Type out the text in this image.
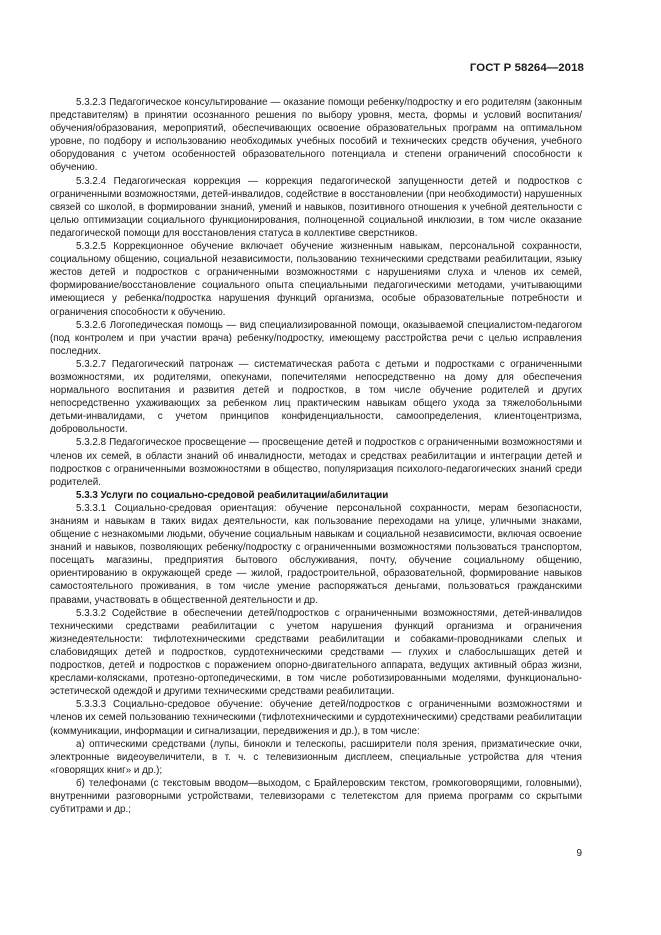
ГОСТ Р 58264—2018

5.3.2.3 Педагогическое консультирование — оказание помощи ребенку/подростку и его родителям (законным представителям) в принятии осознанного решения по выбору уровня, места, формы и условий воспитания/обучения/образования, мероприятий, обеспечивающих освоение образовательных программ на оптимальном уровне, по подбору и использованию необходимых учебных пособий и технических средств обучения, учебного оборудования с учетом особенностей образовательного потенциала и степени ограничений способности к обучению.

5.3.2.4 Педагогическая коррекция — коррекция педагогической запущенности детей и подростков с ограниченными возможностями, детей-инвалидов, содействие в восстановлении (при необходимости) нарушенных связей со школой, в формировании знаний, умений и навыков, позитивного отношения к учебной деятельности с целью оптимизации социального функционирования, полноценной социальной инклюзии, в том числе оказание педагогической помощи для восстановления статуса в коллективе сверстников.

5.3.2.5 Коррекционное обучение включает обучение жизненным навыкам, персональной сохранности, социальному общению, социальной независимости, пользованию техническими средствами реабилитации, языку жестов детей и подростков с ограниченными возможностями с нарушениями слуха и членов их семей, формирование/восстановление социального опыта специальными педагогическими методами, учитывающими имеющиеся у ребенка/подростка нарушения функций организма, особые образовательные потребности и ограничения способности к обучению.

5.3.2.6 Логопедическая помощь — вид специализированной помощи, оказываемой специалистом-педагогом (под контролем и при участии врача) ребенку/подростку, имеющему расстройства речи с целью исправления последних.

5.3.2.7 Педагогический патронаж — систематическая работа с детьми и подростками с ограниченными возможностями, их родителями, опекунами, попечителями непосредственно на дому для обеспечения нормального воспитания и развития детей и подростков, в том числе обучение родителей и других непосредственно ухаживающих за ребенком лиц практическим навыкам общего ухода за тяжелобольными детьми-инвалидами, с учетом принципов конфиденциальности, самоопределения, клиентоцентризма, добровольности.

5.3.2.8 Педагогическое просвещение — просвещение детей и подростков с ограниченными возможностями и членов их семей, в области знаний об инвалидности, методах и средствах реабилитации и интеграции детей и подростков с ограниченными возможностями в общество, популяризация психолого-педагогических знаний среди родителей.

5.3.3 Услуги по социально-средовой реабилитации/абилитации

5.3.3.1 Социально-средовая ориентация: обучение персональной сохранности, мерам безопасности, знаниям и навыкам в таких видах деятельности, как пользование переходами на улице, уличными знаками, общение с незнакомыми людьми, обучение социальным навыкам и социальной независимости, включая освоение знаний и навыков, позволяющих ребенку/подростку с ограниченными возможностями пользоваться транспортом, посещать магазины, предприятия бытового обслуживания, почту, обучение социальному общению, ориентированию в окружающей среде — жилой, градостроительной, образовательной, формирование навыков самостоятельного проживания, в том числе умение распоряжаться деньгами, пользоваться гражданскими правами, участвовать в общественной деятельности и др.

5.3.3.2 Содействие в обеспечении детей/подростков с ограниченными возможностями, детей-инвалидов техническими средствами реабилитации с учетом нарушения функций организма и ограничения жизнедеятельности: тифлотехническими средствами реабилитации и собаками-проводниками слепых и слабовидящих детей и подростков, сурдотехническими средствами — глухих и слабослышащих детей и подростков, детей и подростков с поражением опорно-двигательного аппарата, ведущих активный образ жизни, креслами-колясками, протезно-ортопедическими, в том числе роботизированными моделями, функционально-эстетической одеждой и другими техническими средствами реабилитации.

5.3.3.3 Социально-средовое обучение: обучение детей/подростков с ограниченными возможностями и членов их семей пользованию техническими (тифлотехническими и сурдотехническими) средствами реабилитации (коммуникации, информации и сигнализации, передвижения и др.), в том числе:

а) оптическими средствами (лупы, бинокли и телескопы, расширители поля зрения, призматические очки, электронные видеоувеличители, в т. ч. с телевизионным дисплеем, специальные устройства для чтения «говорящих книг» и др.);

б) телефонами (с текстовым вводом—выходом, с Брайлеровским текстом, громкоговорящими, головными), внутренними разговорными устройствами, телевизорами с телетекстом для приема программ со скрытыми субтитрами и др.;

9
